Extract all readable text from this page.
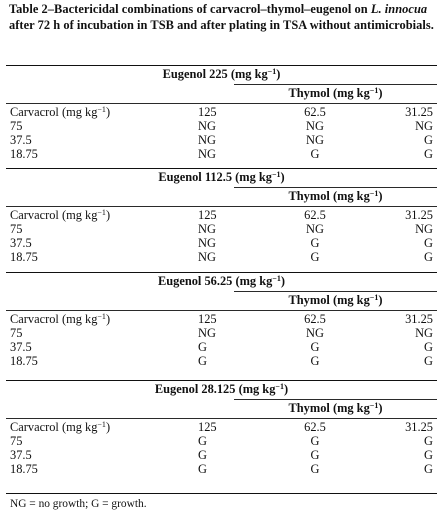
Table 2–Bactericidal combinations of carvacrol–thymol–eugenol on L. innocua after 72 h of incubation in TSB and after plating in TSA without antimicrobials.
Eugenol 225 (mg $kg^{-1}$)
Thymol (mg $kg^{-1}$)
Carvacrol (mg $kg^{-1}$)	125	62.5	31.25
75	NG	NG	NG
37.5	NG	NG	G
18.75	NG	G	G
Eugenol 112.5 (mg $kg^{-1}$)
Thymol (mg $kg^{-1}$)
Carvacrol (mg $kg^{-1}$)	125	62.5	31.25
75	NG	NG	NG
37.5	NG	G	G
18.75	NG	G	G
Eugenol 56.25 (mg $kg^{-1}$)
Thymol (mg $kg^{-1}$)
Carvacrol (mg $kg^{-1}$)	125	62.5	31.25
75	NG	NG	NG
37.5	G	G	G
18.75	G	G	G
Eugenol 28.125 (mg $kg^{-1}$)
Thymol (mg $kg^{-1}$)
Carvacrol (mg $kg^{-1}$)	125	62.5	31.25
75	G	G	G
37.5	G	G	G
18.75	G	G	G
NG = no growth; G = growth.
